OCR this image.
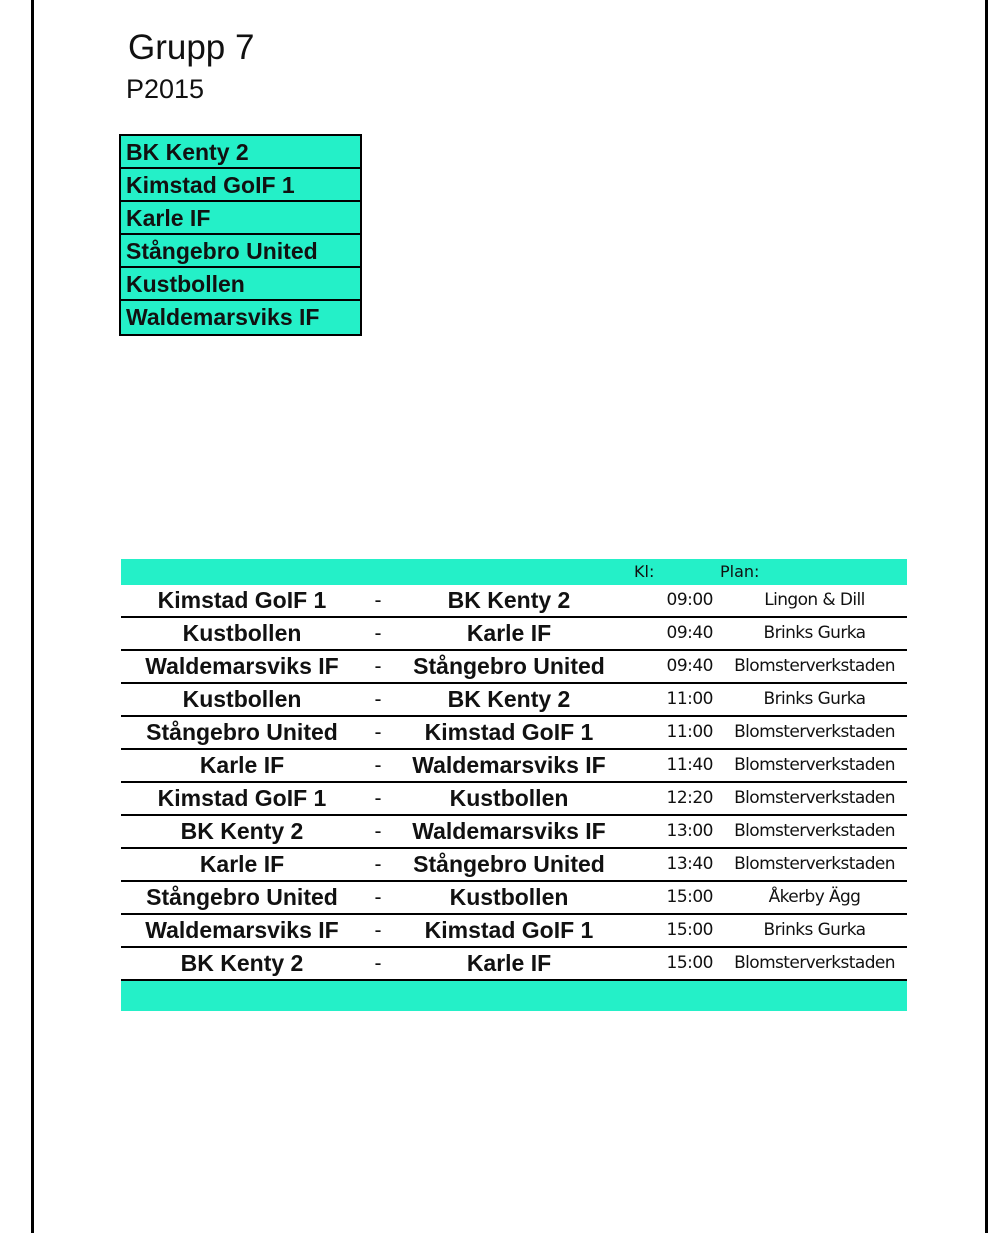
Grupp 7
P2015
BK Kenty 2
Kimstad GoIF 1
Karle IF
Stångebro United
Kustbollen
Waldemarsviks IF
Kl:	Plan:
Kimstad GoIF 1	-	BK Kenty 2	09:00	Lingon & Dill
Kustbollen	-	Karle IF	09:40	Brinks Gurka
Waldemarsviks IF	-	Stångebro United	09:40	Blomsterverkstaden
Kustbollen	-	BK Kenty 2	11:00	Brinks Gurka
Stångebro United	-	Kimstad GoIF 1	11:00	Blomsterverkstaden
Karle IF	-	Waldemarsviks IF	11:40	Blomsterverkstaden
Kimstad GoIF 1	-	Kustbollen	12:20	Blomsterverkstaden
BK Kenty 2	-	Waldemarsviks IF	13:00	Blomsterverkstaden
Karle IF	-	Stångebro United	13:40	Blomsterverkstaden
Stångebro United	-	Kustbollen	15:00	Åkerby Ägg
Waldemarsviks IF	-	Kimstad GoIF 1	15:00	Brinks Gurka
BK Kenty 2	-	Karle IF	15:00	Blomsterverkstaden
